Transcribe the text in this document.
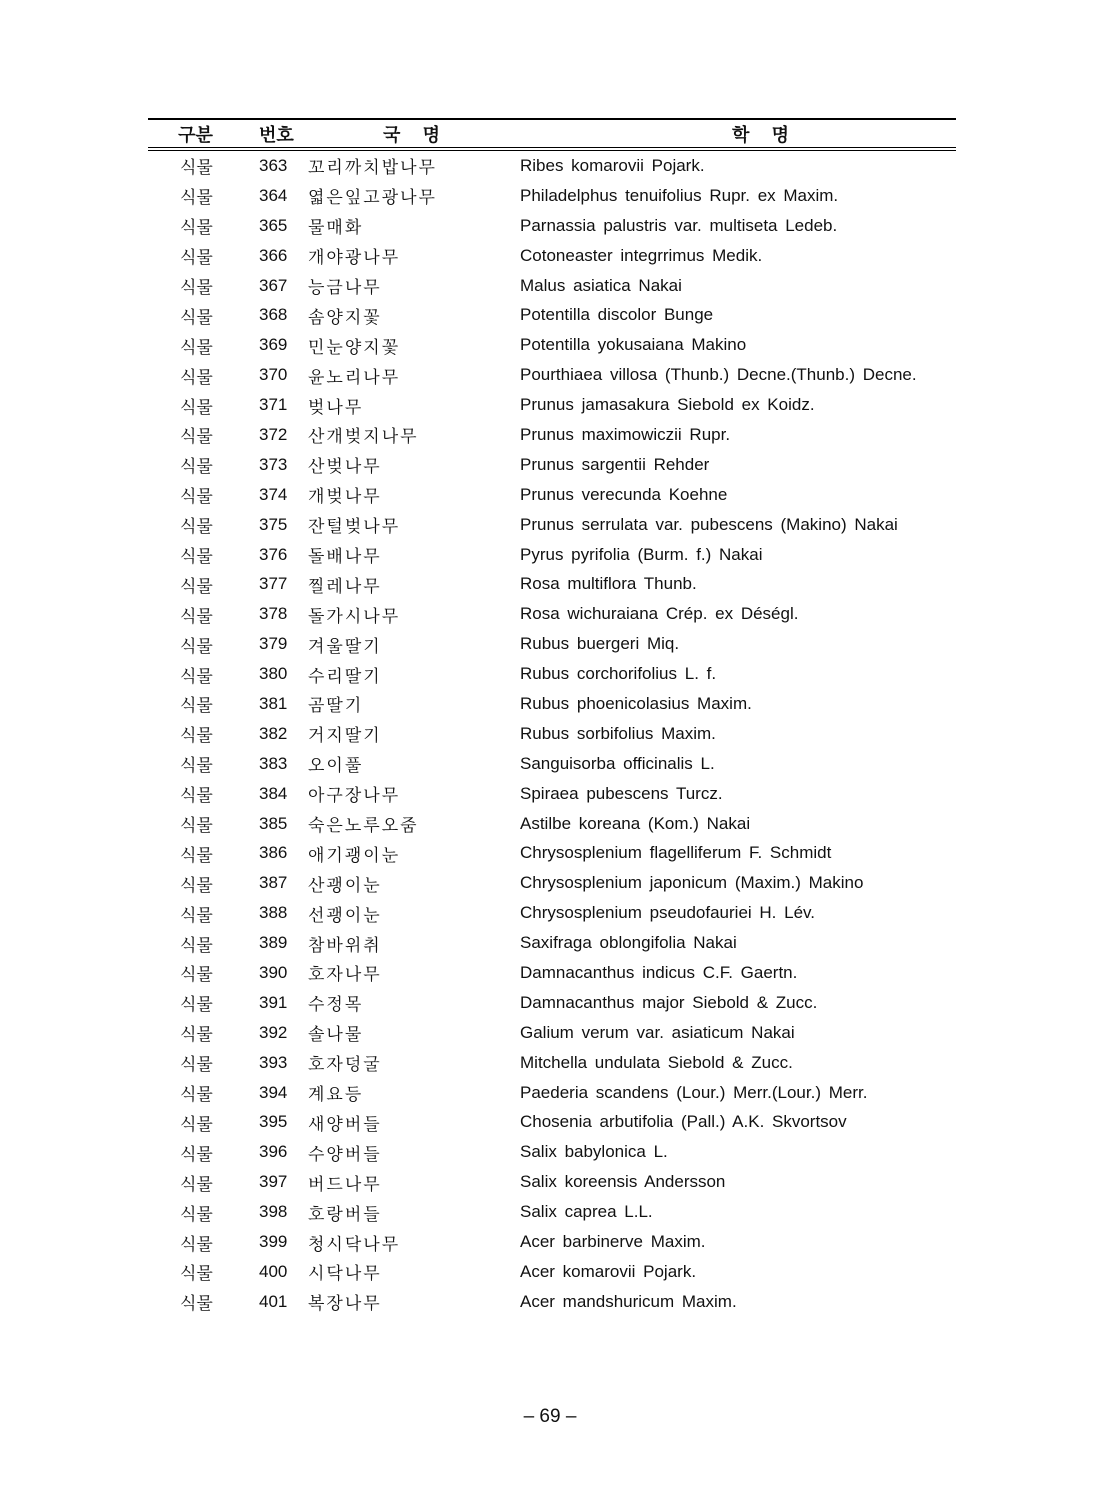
구분	번호	국 명	학 명
식물	363	꼬리까치밥나무	Ribes komarovii Pojark.
식물	364	엷은잎고광나무	Philadelphus tenuifolius Rupr. ex Maxim.
식물	365	물매화	Parnassia palustris var. multiseta Ledeb.
식물	366	개야광나무	Cotoneaster integrrimus Medik.
식물	367	능금나무	Malus asiatica Nakai
식물	368	솜양지꽃	Potentilla discolor Bunge
식물	369	민눈양지꽃	Potentilla yokusaiana Makino
식물	370	윤노리나무	Pourthiaea villosa (Thunb.) Decne.(Thunb.) Decne.
식물	371	벚나무	Prunus jamasakura Siebold ex Koidz.
식물	372	산개벚지나무	Prunus maximowiczii Rupr.
식물	373	산벚나무	Prunus sargentii Rehder
식물	374	개벚나무	Prunus verecunda Koehne
식물	375	잔털벚나무	Prunus serrulata var. pubescens (Makino) Nakai
식물	376	돌배나무	Pyrus pyrifolia (Burm. f.) Nakai
식물	377	찔레나무	Rosa multiflora Thunb.
식물	378	돌가시나무	Rosa wichuraiana Crép. ex Déségl.
식물	379	겨울딸기	Rubus buergeri Miq.
식물	380	수리딸기	Rubus corchorifolius L. f.
식물	381	곰딸기	Rubus phoenicolasius Maxim.
식물	382	거지딸기	Rubus sorbifolius Maxim.
식물	383	오이풀	Sanguisorba officinalis L.
식물	384	아구장나무	Spiraea pubescens Turcz.
식물	385	숙은노루오줌	Astilbe koreana (Kom.) Nakai
식물	386	애기괭이눈	Chrysosplenium flagelliferum F. Schmidt
식물	387	산괭이눈	Chrysosplenium japonicum (Maxim.) Makino
식물	388	선괭이눈	Chrysosplenium pseudofauriei H. Lév.
식물	389	참바위취	Saxifraga oblongifolia Nakai
식물	390	호자나무	Damnacanthus indicus C.F. Gaertn.
식물	391	수정목	Damnacanthus major Siebold & Zucc.
식물	392	솔나물	Galium verum var. asiaticum Nakai
식물	393	호자덩굴	Mitchella undulata Siebold & Zucc.
식물	394	계요등	Paederia scandens (Lour.) Merr.(Lour.) Merr.
식물	395	새양버들	Chosenia arbutifolia (Pall.) A.K. Skvortsov
식물	396	수양버들	Salix babylonica L.
식물	397	버드나무	Salix koreensis Andersson
식물	398	호랑버들	Salix caprea L.L.
식물	399	청시닥나무	Acer barbinerve Maxim.
식물	400	시닥나무	Acer komarovii Pojark.
식물	401	복장나무	Acer mandshuricum Maxim.
– 69 –
